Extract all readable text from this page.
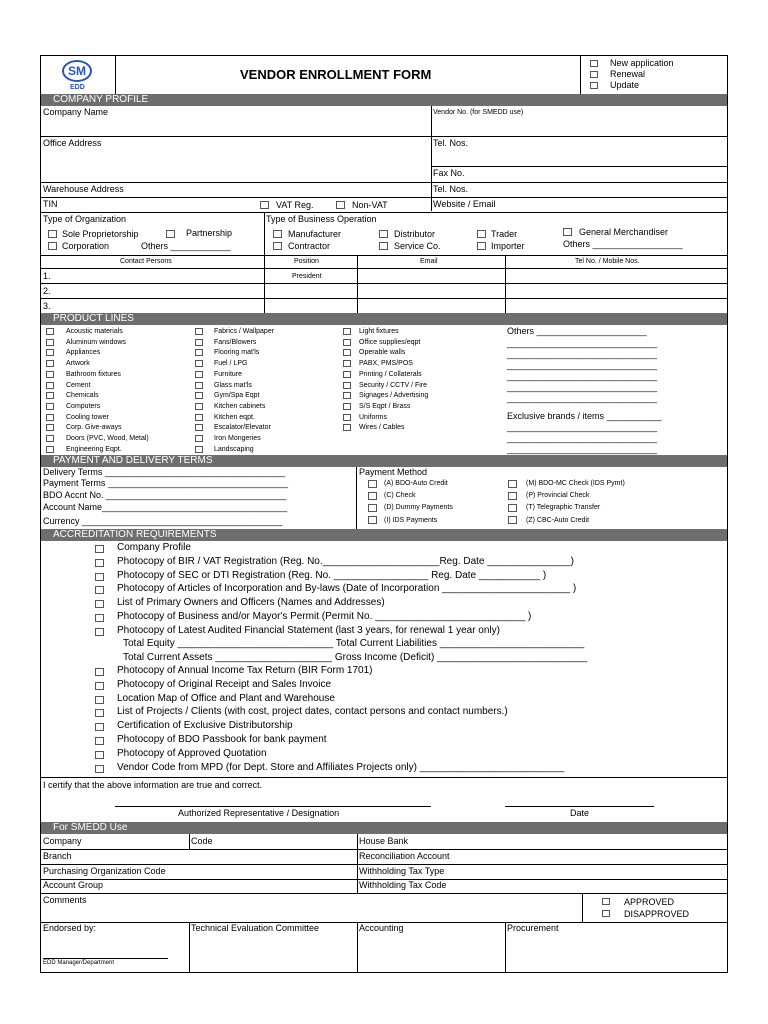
SM
EDD
VENDOR ENROLLMENT FORM
New application
Renewal
Update
COMPANY PROFILE
Company Name	Vendor No. (for SMEDD use)
Office Address	Tel. Nos.
Fax No.
Warehouse Address	Tel. Nos.
TIN	VAT Reg.	Non-VAT	Website / Email
Type of Organization
Sole Proprietorship	Partnership
Corporation	Others ____________
Type of Business Operation
Manufacturer	Distributor	Trader
Contractor	Service Co.	Importer
General Merchandiser
Others __________________
Contact Persons	Position	Email	Tel No. / Mobile Nos.
1.	President
2.
3.
PRODUCT LINES
Acoustic materials
Aluminum windows
Appliances
Artwork
Bathroom fixtures
Cement
Chemicals
Computers
Cooling tower
Corp. Give-aways
Doors (PVC, Wood, Metal)
Engineering Eqpt.
Fabrics / Wallpaper
Fans/Blowers
Flooring mat'ls
Fuel / LPG
Furniture
Glass mat'ls
Gym/Spa Eqpt
Kitchen cabinets
Kitchen eqpt.
Escalator/Elevator
Iron Mongeries
Landscaping
Light fixtures
Office supplies/eqpt
Operable walls
PABX, PMS/POS
Printing / Collaterals
Security / CCTV / Fire
Signages / Advertising
S/S Eqpt / Brass
Uniforms
Wires / Cables
Others ______________________
______________________________
______________________________
______________________________
______________________________
______________________________
______________________________
Exclusive brands / items ___________
______________________________
______________________________
______________________________
PAYMENT AND DELIVERY TERMS
Delivery Terms ____________________________________
Payment Terms ____________________________________
BDO Accnt No. ____________________________________
Account Name_____________________________________
Currency ________________________________________
Payment Method
(A) BDO-Auto Credit
(C) Check
(D) Dummy Payments
(I) IDS Payments
(M) BDO-MC Check (IDS Pymt)
(P) Provincial Check
(T) Telegraphic Transfer
(Z) CBC-Auto Credit
ACCREDITATION REQUIREMENTS
Company Profile
Photocopy of BIR / VAT Registration (Reg. No._____________________Reg. Date _______________)
Photocopy of SEC or DTI Registration (Reg. No. _________________ Reg. Date ___________ )
Photocopy of Articles of Incorporation and By-laws (Date of Incorporation _______________________ )
List of Primary Owners and Officers (Names and Addresses)
Photocopy of Business and/or Mayor's Permit (Permit No. ___________________________ )
Photocopy of Latest Audited Financial Statement (last 3 years, for renewal 1 year only)
Total Equity ____________________________ Total Current Liabilities __________________________
Total Current Assets _____________________ Gross Income (Deficit) ___________________________
Photocopy of Annual Income Tax Return (BIR Form 1701)
Photocopy of Original Receipt and Sales Invoice
Location Map of Office and Plant and Warehouse
List of Projects / Clients (with cost, project dates, contact persons and contact numbers.)
Certification of Exclusive Distributorship
Photocopy of BDO Passbook for bank payment
Photocopy of Approved Quotation
Vendor Code from MPD (for Dept. Store and Affiliates Projects only) __________________________
I certify that the above information are true and correct.
Authorized Representative / Designation	Date
For SMEDD Use
Company	Code	House Bank
Branch	Reconciliation Account
Purchasing Organization Code	Withholding Tax Type
Account Group	Withholding Tax Code
Comments	APPROVED
DISAPPROVED
Endorsed by:
EDD Manager/Department
Technical Evaluation Committee	Accounting	Procurement
